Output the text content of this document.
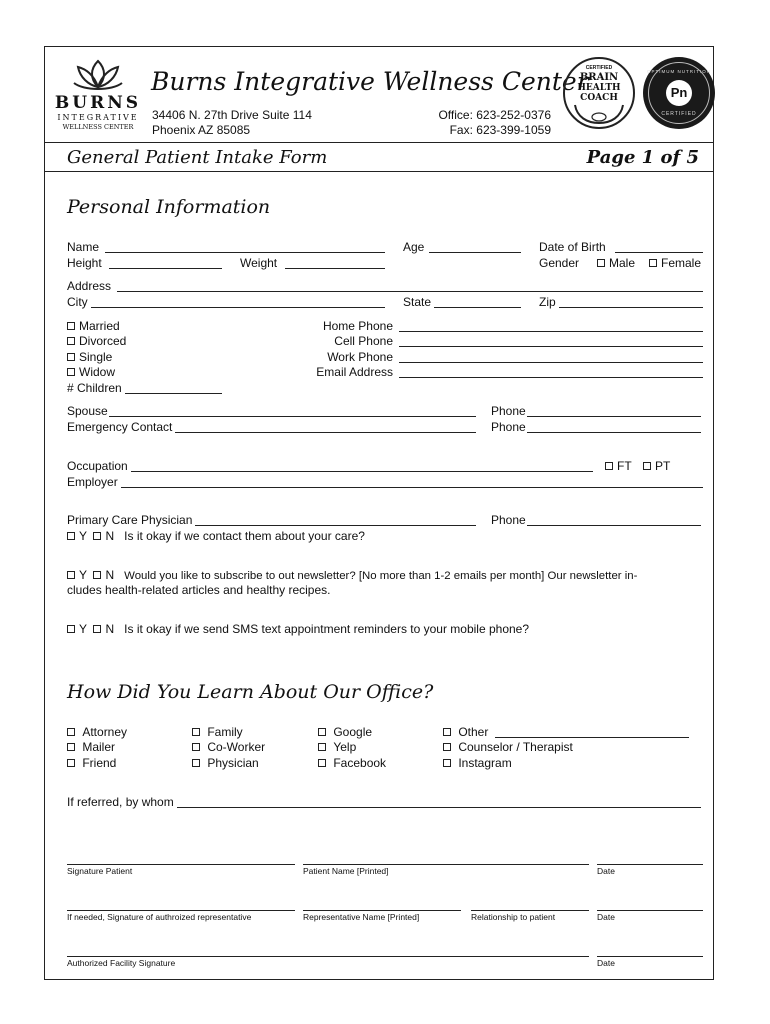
BURNS
INTEGRATIVE
WELLNESS CENTER
Burns Integrative Wellness Center
34406 N. 27th Drive Suite 114
Phoenix AZ 85085
Office: 623-252-0376
Fax: 623-399-1059
CERTIFIED
BRAIN
HEALTH
COACH
OPTIMUM NUTRITION
Pn
CERTIFIED
General Patient Intake Form	Page 1 of 5
Personal Information
Name	Age	Date of Birth
Height	Weight	Gender	Male	Female
Address
City	State	Zip
Married
Divorced
Single
Widow
# Children
Home Phone
Cell Phone
Work Phone
Email Address
Spouse	Phone
Emergency Contact	Phone
Occupation	FT	PT
Employer
Primary Care Physician	Phone
Y N Is it okay if we contact them about your care?
Y N Would you like to subscribe to out newsletter? [No more than 1-2 emails per month] Our newsletter in-
cludes health-related articles and healthy recipes.
Y N Is it okay if we send SMS text appointment reminders to your mobile phone?
How Did You Learn About Our Office?
Attorney
Mailer
Friend
Family
Co-Worker
Physician
Google
Yelp
Facebook
Other
Counselor / Therapist
Instagram
If referred, by whom
Signature Patient	Patient Name [Printed]	Date
If needed, Signature of authroized representative	Representative Name [Printed]	Relationship to patient	Date
Authorized Facility Signature	Date
